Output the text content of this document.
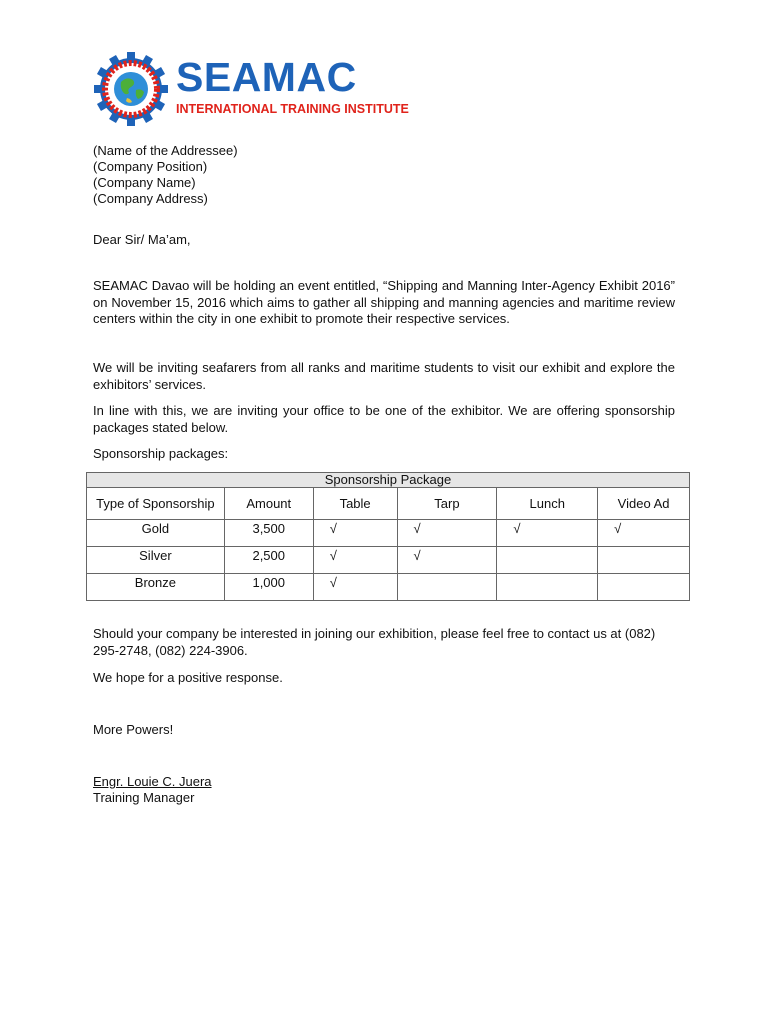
SEAMAC
INTERNATIONAL TRAINING INSTITUTE
(Name of the Addressee)
(Company Position)
(Company Name)
(Company Address)
Dear Sir/ Ma’am,
SEAMAC Davao will be holding an event entitled, “Shipping and Manning Inter-Agency Exhibit 2016” on November 15, 2016 which aims to gather all shipping and manning agencies and maritime review centers within the city in one exhibit to promote their respective services.
We will be inviting seafarers from all ranks and maritime students to visit our exhibit and explore the exhibitors’ services.
In line with this, we are inviting your office to be one of the exhibitor. We are offering sponsorship packages stated below.
Sponsorship packages:
Sponsorship Package					
Type of Sponsorship	Amount	Table	Tarp	Lunch	Video Ad
Gold	3,500	√	√	√	√
Silver	2,500	√	√		
Bronze	1,000	√			
Should your company be interested in joining our exhibition, please feel free to contact us at (082) 295-2748, (082) 224-3906.
We hope for a positive response.
More Powers!
Engr. Louie C. Juera
Training Manager
